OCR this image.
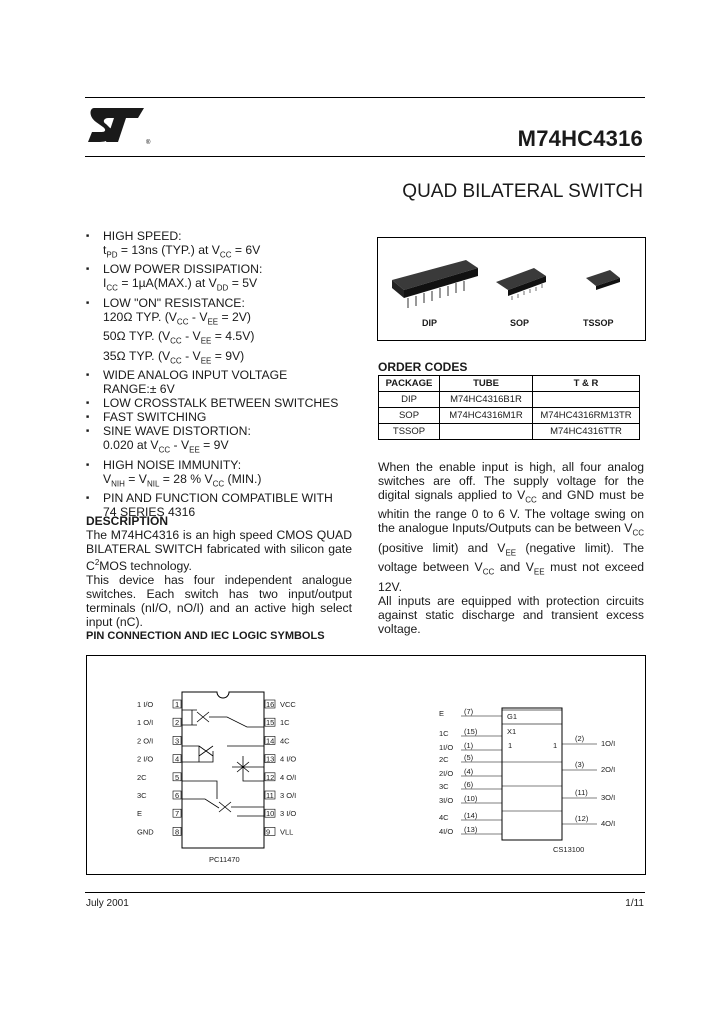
®	M74HC4316
QUAD BILATERAL SWITCH
■ HIGH SPEED:
$t_{PD} = 13ns$ (TYP.) at $V_{CC} = 6V$
■ LOW POWER DISSIPATION:
$I_{CC} = 1\mu A(MAX.)$ at $V_{DD} = 5V$
■ LOW "ON" RESISTANCE:
120Ω TYP. $(V_{CC} - V_{EE} = 2V)$
50Ω TYP. $(V_{CC} - V_{EE} = 4.5V)$
35Ω TYP. $(V_{CC} - V_{EE} = 9V)$
■ WIDE ANALOG INPUT VOLTAGE
RANGE:± 6V
■ LOW CROSSTALK BETWEEN SWITCHES
■ FAST SWITCHING
■ SINE WAVE DISTORTION:
0.020 at $V_{CC} - V_{EE} = 9V$
■ HIGH NOISE IMMUNITY:
$V_{NIH} = V_{NIL} = 28$ % $V_{CC}$ (MIN.)
■ PIN AND FUNCTION COMPATIBLE WITH
74 SERIES 4316
DESCRIPTION
The M74HC4316 is an high speed CMOS QUAD BILATERAL SWITCH fabricated with silicon gate $C^2MOS$ technology.
This device has four independent analogue switches. Each switch has two input/output terminals (nI/O, nO/I) and an active high select input (nC).
DIP	SOP	TSSOP
ORDER CODES
PACKAGE	TUBE	T & R
DIP	M74HC4316B1R	
SOP	M74HC4316M1R	M74HC4316RM13TR
TSSOP		M74HC4316TTR
When the enable input is high, all four analog switches are off. The supply voltage for the digital signals applied to $V_{CC}$ and GND must be whitin the range 0 to 6 V. The voltage swing on the analogue Inputs/Outputs can be between $V_{CC}$ (positive limit) and $V_{EE}$ (negative limit). The voltage between $V_{CC}$ and $V_{EE}$ must not exceed 12V.
All inputs are equipped with protection circuits against static discharge and transient excess voltage.
PIN CONNECTION AND IEC LOGIC SYMBOLS
1
1 I/O
2
1 O/I
3
2 O/I
4
2 I/O
5
2C
6
3C
7
E
8
GND
16 VCC
15 1C
14 4C
13 4 I/O
12 4 O/I
11 3 O/I
10 3 I/O
9 VLL
PC11470
G1
X1
1	1
E	(7)
1C (15)
1I/O (1)
2C (5)
2I/O (4)
3C (6)
3I/O (10)
4C (14)
4I/O (13)
(2)
1O/I
(3)
2O/I
(11)
3O/I
(12)
4O/I
CS13100
July 2001	1/11
